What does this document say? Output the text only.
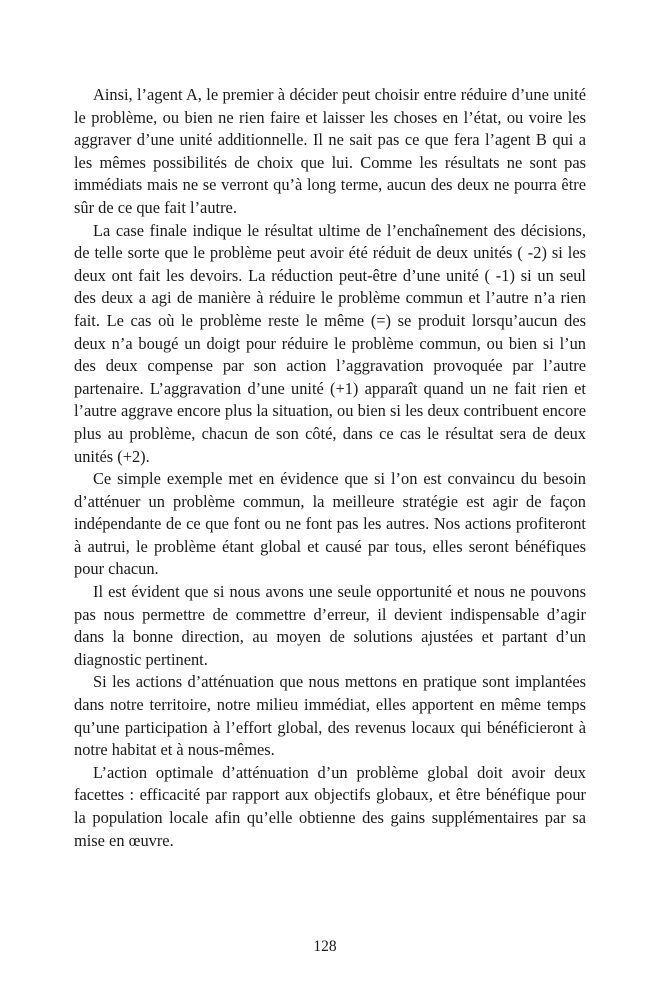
Ainsi, l’agent A, le premier à décider peut choisir entre réduire d’une unité le problème, ou bien ne rien faire et laisser les choses en l’état, ou voire les aggraver d’une unité additionnelle. Il ne sait pas ce que fera l’agent B qui a les mêmes possibilités de choix que lui. Comme les résultats ne sont pas immédiats mais ne se verront qu’à long terme, aucun des deux ne pourra être sûr de ce que fait l’autre.

La case finale indique le résultat ultime de l’enchaînement des décisions, de telle sorte que le problème peut avoir été réduit de deux unités ( -2) si les deux ont fait les devoirs. La réduction peut-être d’une unité ( -1) si un seul des deux a agi de manière à réduire le problème commun et l’autre n’a rien fait. Le cas où le problème reste le même (=) se produit lorsqu’aucun des deux n’a bougé un doigt pour réduire le problème commun, ou bien si l’un des deux compense par son action l’aggravation provoquée par l’autre partenaire. L’aggravation d’une unité (+1) apparaît quand un ne fait rien et l’autre aggrave encore plus la situation, ou bien si les deux contribuent encore plus au problème, chacun de son côté, dans ce cas le résultat sera de deux unités (+2).

Ce simple exemple met en évidence que si l’on est convaincu du besoin d’atténuer un problème commun, la meilleure stratégie est agir de façon indépendante de ce que font ou ne font pas les autres. Nos actions profiteront à autrui, le problème étant global et causé par tous, elles seront bénéfiques pour chacun.

Il est évident que si nous avons une seule opportunité et nous ne pouvons pas nous permettre de commettre d’erreur, il devient indispensable d’agir dans la bonne direction, au moyen de solutions ajustées et partant d’un diagnostic pertinent.

Si les actions d’atténuation que nous mettons en pratique sont implantées dans notre territoire, notre milieu immédiat, elles apportent en même temps qu’une participation à l’effort global, des revenus locaux qui bénéficieront à notre habitat et à nous-mêmes.

L’action optimale d’atténuation d’un problème global doit avoir deux facettes : efficacité par rapport aux objectifs globaux, et être bénéfique pour la population locale afin qu’elle obtienne des gains supplémentaires par sa mise en œuvre.

128
